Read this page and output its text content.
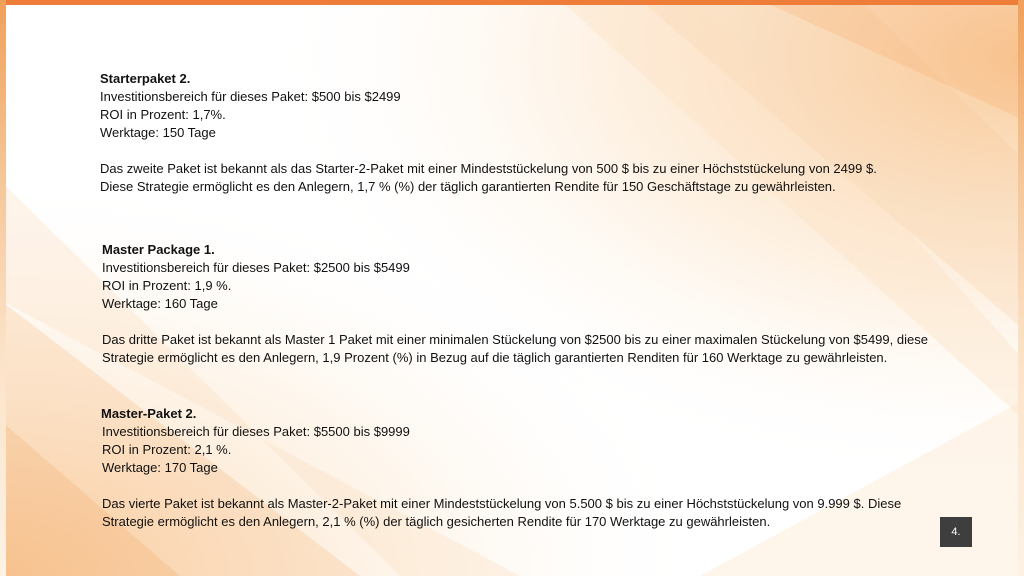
Starterpaket 2.
Investitionsbereich für dieses Paket: $500 bis $2499
ROI in Prozent: 1,7%.
Werktage: 150 Tage
Das zweite Paket ist bekannt als das Starter-2-Paket mit einer Mindeststückelung von 500 $ bis zu einer Höchststückelung von 2499 $. Diese Strategie ermöglicht es den Anlegern, 1,7 % (%) der täglich garantierten Rendite für 150 Geschäftstage zu gewährleisten.
Master Package 1.
Investitionsbereich für dieses Paket: $2500 bis $5499
ROI in Prozent: 1,9 %.
Werktage: 160 Tage
Das dritte Paket ist bekannt als Master 1 Paket mit einer minimalen Stückelung von $2500 bis zu einer maximalen Stückelung von $5499, diese Strategie ermöglicht es den Anlegern, 1,9 Prozent (%) in Bezug auf die täglich garantierten Renditen für 160 Werktage zu gewährleisten.
Master-Paket 2.
Investitionsbereich für dieses Paket: $5500 bis $9999
ROI in Prozent: 2,1 %.
Werktage: 170 Tage
Das vierte Paket ist bekannt als Master-2-Paket mit einer Mindeststückelung von 5.500 $ bis zu einer Höchststückelung von 9.999 $. Diese Strategie ermöglicht es den Anlegern, 2,1 % (%) der täglich gesicherten Rendite für 170 Werktage zu gewährleisten.
4.
